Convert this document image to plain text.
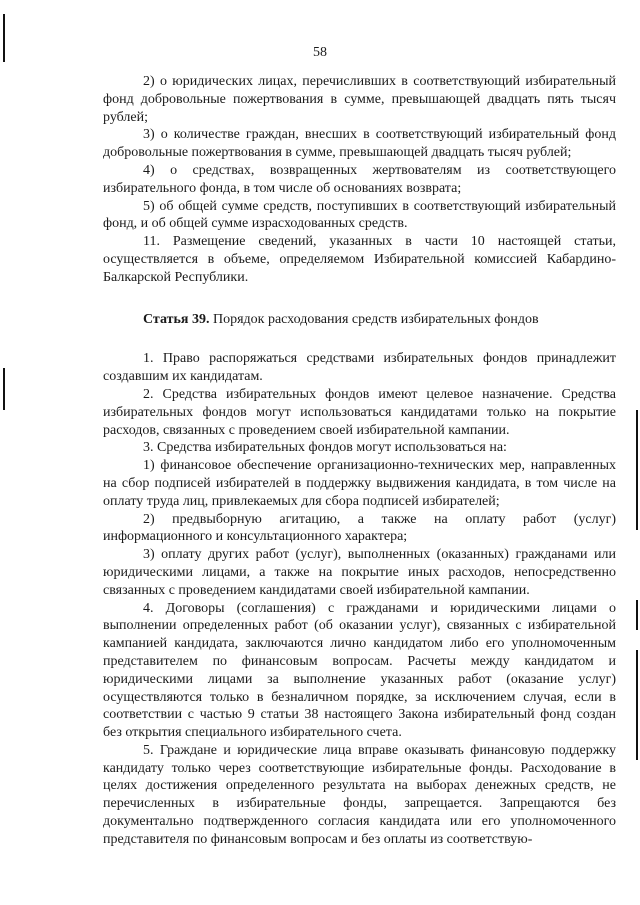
58

2) о юридических лицах, перечисливших в соответствующий избирательный фонд добровольные пожертвования в сумме, превышающей двадцать пять тысяч рублей;

3) о количестве граждан, внесших в соответствующий избирательный фонд добровольные пожертвования в сумме, превышающей двадцать тысяч рублей;

4) о средствах, возвращенных жертвователям из соответствующего избирательного фонда, в том числе об основаниях возврата;

5) об общей сумме средств, поступивших в соответствующий избирательный фонд, и об общей сумме израсходованных средств.

11. Размещение сведений, указанных в части 10 настоящей статьи, осуществляется в объеме, определяемом Избирательной комиссией Кабардино-Балкарской Республики.

Статья 39. Порядок расходования средств избирательных фондов

1. Право распоряжаться средствами избирательных фондов принадлежит создавшим их кандидатам.

2. Средства избирательных фондов имеют целевое назначение. Средства избирательных фондов могут использоваться кандидатами только на покрытие расходов, связанных с проведением своей избирательной кампании.

3. Средства избирательных фондов могут использоваться на:

1) финансовое обеспечение организационно-технических мер, направленных на сбор подписей избирателей в поддержку выдвижения кандидата, в том числе на оплату труда лиц, привлекаемых для сбора подписей избирателей;

2) предвыборную агитацию, а также на оплату работ (услуг) информационного и консультационного характера;

3) оплату других работ (услуг), выполненных (оказанных) гражданами или юридическими лицами, а также на покрытие иных расходов, непосредственно связанных с проведением кандидатами своей избирательной кампании.

4. Договоры (соглашения) с гражданами и юридическими лицами о выполнении определенных работ (об оказании услуг), связанных с избирательной кампанией кандидата, заключаются лично кандидатом либо его уполномоченным представителем по финансовым вопросам. Расчеты между кандидатом и юридическими лицами за выполнение указанных работ (оказание услуг) осуществляются только в безналичном порядке, за исключением случая, если в соответствии с частью 9 статьи 38 настоящего Закона избирательный фонд создан без открытия специального избирательного счета.

5. Граждане и юридические лица вправе оказывать финансовую поддержку кандидату только через соответствующие избирательные фонды. Расходование в целях достижения определенного результата на выборах денежных средств, не перечисленных в избирательные фонды, запрещается. Запрещаются без документально подтвержденного согласия кандидата или его уполномоченного представителя по финансовым вопросам и без оплаты из соответствую-
